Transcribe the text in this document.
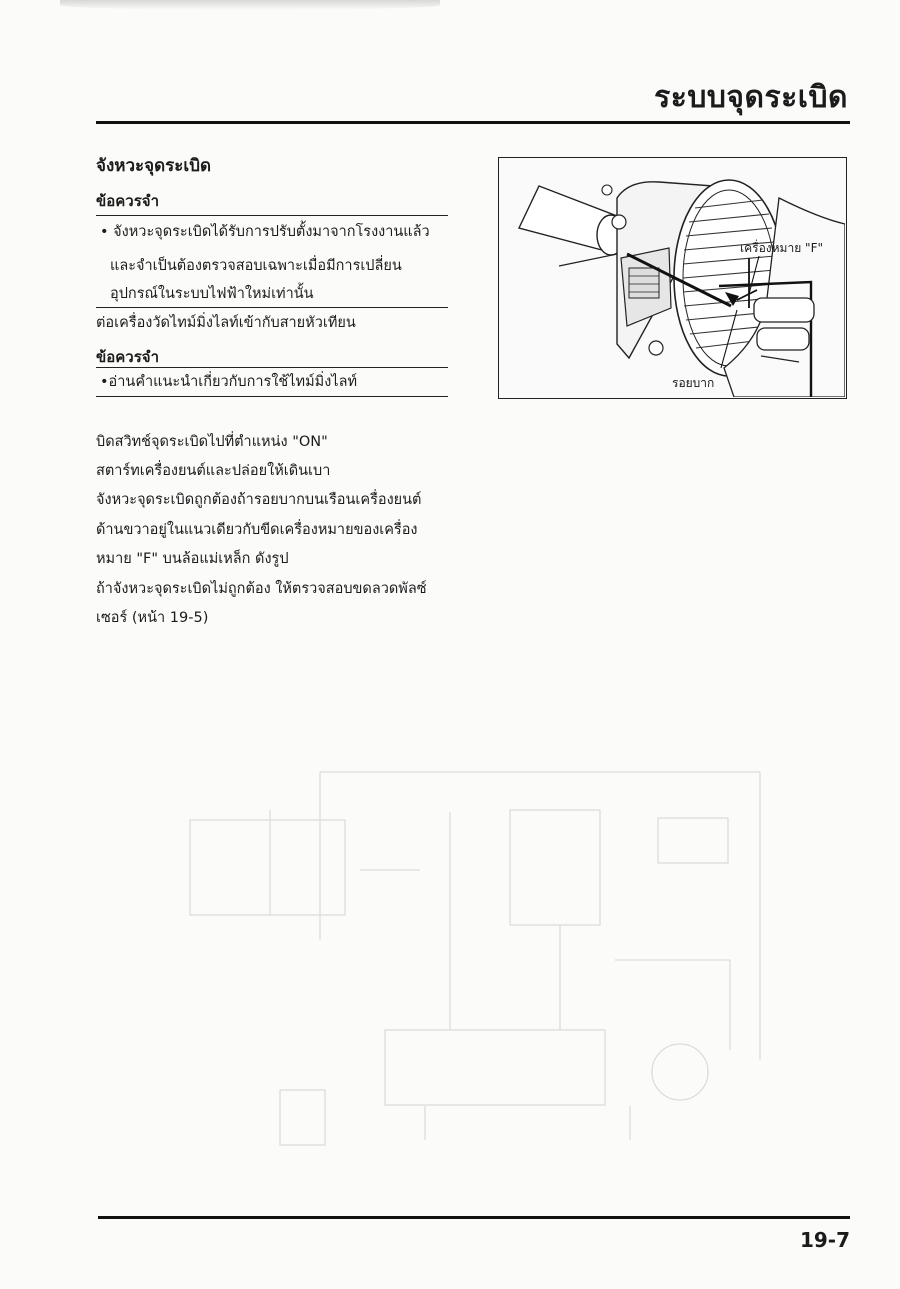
ระบบจุดระเบิด
จังหวะจุดระเบิด
ข้อควรจำ
• จังหวะจุดระเบิดได้รับการปรับตั้งมาจากโรงงานแล้ว
และจำเป็นต้องตรวจสอบเฉพาะเมื่อมีการเปลี่ยน
อุปกรณ์ในระบบไฟฟ้าใหม่เท่านั้น
ต่อเครื่องวัดไทม์มิ่งไลท์เข้ากับสายหัวเทียน
ข้อควรจำ
•อ่านคำแนะนำเกี่ยวกับการใช้ไทม์มิ่งไลท์
บิดสวิทช์จุดระเบิดไปที่ตำแหน่ง "ON"
สตาร์ทเครื่องยนต์และปล่อยให้เดินเบา
จังหวะจุดระเบิดถูกต้องถ้ารอยบากบนเรือนเครื่องยนต์
ด้านขวาอยู่ในแนวเดียวกับขีดเครื่องหมายของเครื่อง
หมาย "F" บนล้อแม่เหล็ก ดังรูป
ถ้าจังหวะจุดระเบิดไม่ถูกต้อง ให้ตรวจสอบขดลวดพัลซ์
เซอร์ (หน้า 19-5)
เครื่องหมาย "F"
รอยบาก
19-7
